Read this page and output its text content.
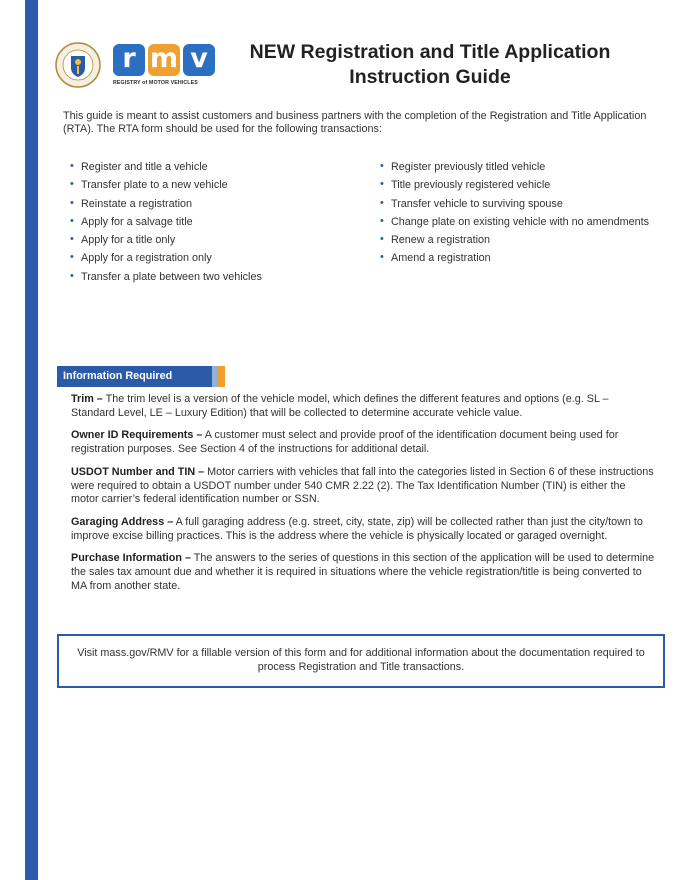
r m v
REGISTRY of MOTOR VEHICLES
NEW Registration and Title Application
Instruction Guide

This guide is meant to assist customers and business partners with the completion of the Registration and Title Application (RTA). The RTA form should be used for the following transactions:

• Register and title a vehicle
• Transfer plate to a new vehicle
• Reinstate a registration
• Apply for a salvage title
• Apply for a title only
• Apply for a registration only
• Transfer a plate between two vehicles
• Register previously titled vehicle
• Title previously registered vehicle
• Transfer vehicle to surviving spouse
• Change plate on existing vehicle with no amendments
• Renew a registration
• Amend a registration
Information Required

Trim – The trim level is a version of the vehicle model, which defines the different features and options (e.g. SL – Standard Level, LE – Luxury Edition) that will be collected to determine accurate vehicle value.

Owner ID Requirements – A customer must select and provide proof of the identification document being used for registration purposes. See Section 4 of the instructions for additional detail.

USDOT Number and TIN – Motor carriers with vehicles that fall into the categories listed in Section 6 of these instructions were required to obtain a USDOT number under 540 CMR 2.22 (2). The Tax Identification Number (TIN) is either the motor carrier’s federal identification number or SSN.

Garaging Address – A full garaging address (e.g. street, city, state, zip) will be collected rather than just the city/town to improve excise billing practices. This is the address where the vehicle is physically located or garaged overnight.

Purchase Information – The answers to the series of questions in this section of the application will be used to determine the sales tax amount due and whether it is required in situations where the vehicle registration/title is being converted to MA from another state.

Visit mass.gov/RMV for a fillable version of this form and for additional information about the documentation required to process Registration and Title transactions.
